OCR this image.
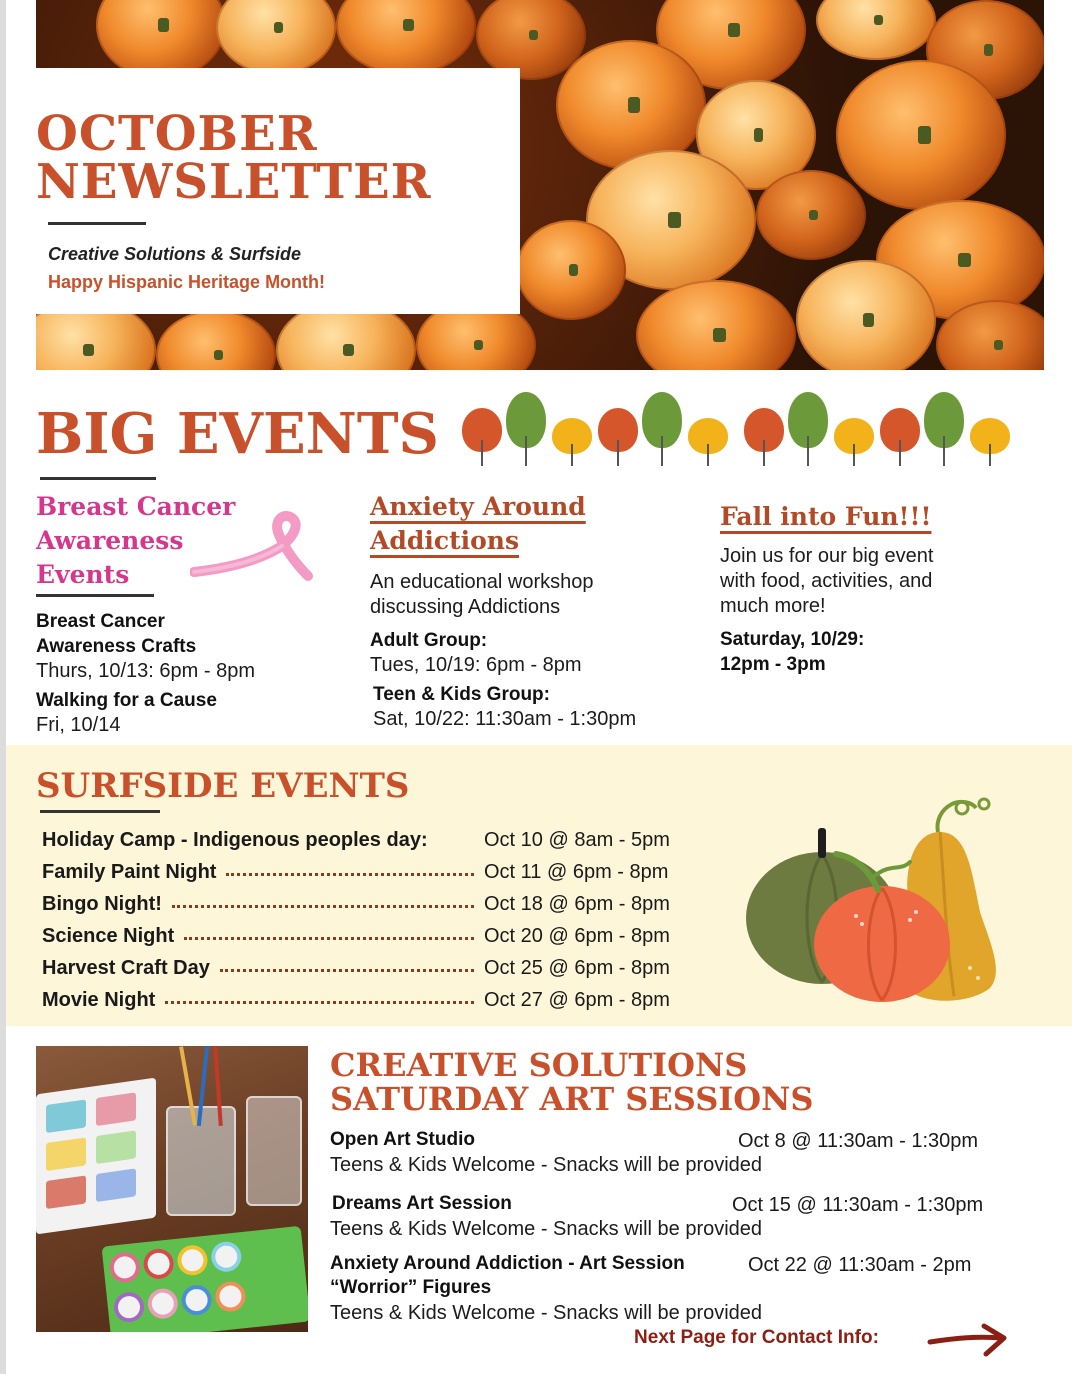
OCTOBER
NEWSLETTER
Creative Solutions & Surfside
Happy Hispanic Heritage Month!
BIG EVENTS
Breast Cancer
Awareness
Events
Breast Cancer
Awareness Crafts
Thurs, 10/13: 6pm - 8pm
Walking for a Cause
Fri, 10/14
Anxiety Around
Addictions
An educational workshop
discussing Addictions
Adult Group:
Tues, 10/19: 6pm - 8pm
Teen & Kids Group:
Sat, 10/22: 11:30am - 1:30pm
Fall into Fun!!!
Join us for our big event
with food, activities, and
much more!
Saturday, 10/29:
12pm - 3pm
SURFSIDE EVENTS
Holiday Camp - Indigenous peoples day:	Oct 10 @ 8am - 5pm
Family Paint Night	Oct 11 @ 6pm - 8pm
Bingo Night!	Oct 18 @ 6pm - 8pm
Science Night	Oct 20 @ 6pm - 8pm
Harvest Craft Day	Oct 25 @ 6pm - 8pm
Movie Night	Oct 27 @ 6pm - 8pm
CREATIVE SOLUTIONS
SATURDAY ART SESSIONS
Open Art Studio	Oct 8 @ 11:30am - 1:30pm
Teens & Kids Welcome - Snacks will be provided
Dreams Art Session	Oct 15 @ 11:30am - 1:30pm
Teens & Kids Welcome - Snacks will be provided
Anxiety Around Addiction - Art Session	Oct 22 @ 11:30am - 2pm
“Worrior” Figures
Teens & Kids Welcome - Snacks will be provided
Next Page for Contact Info:
